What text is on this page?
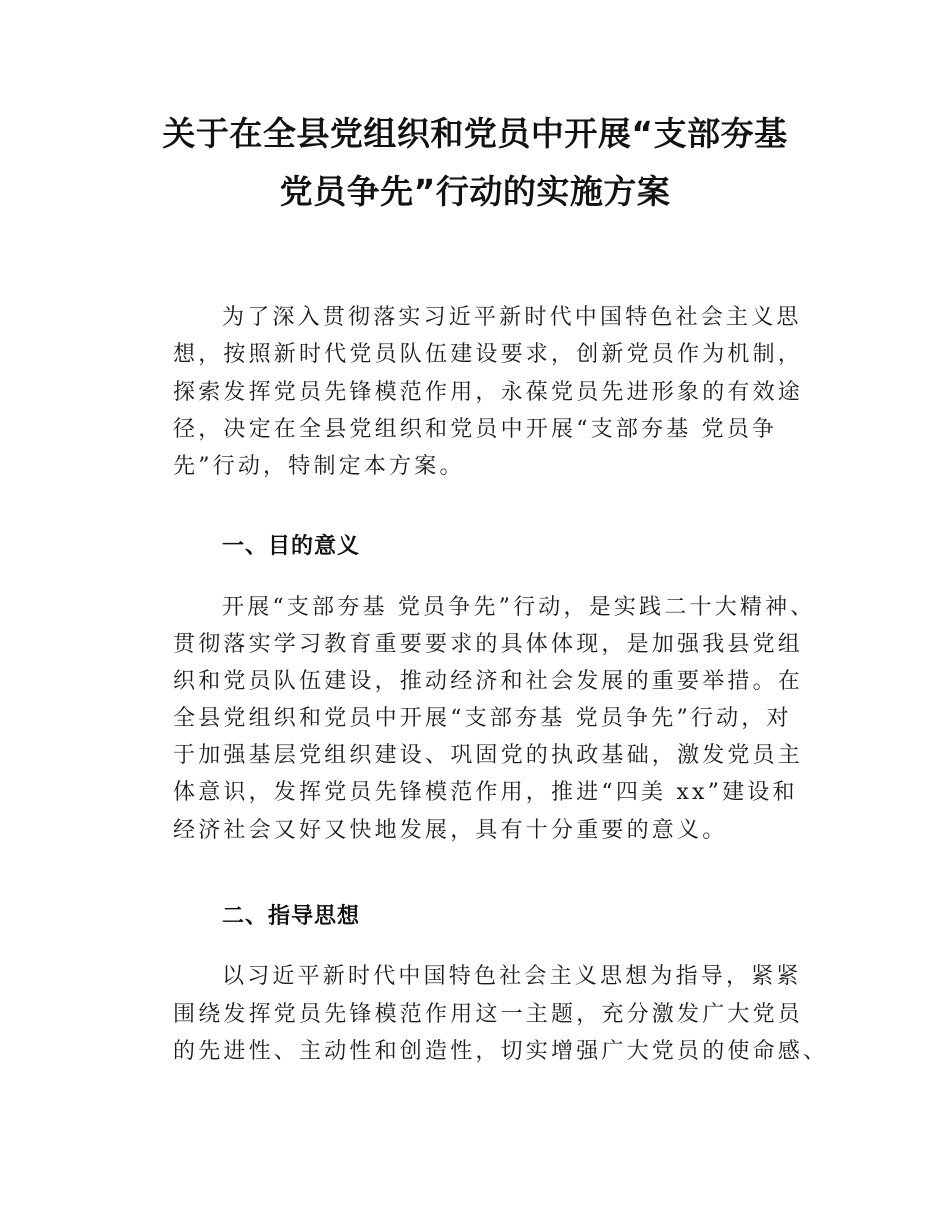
关于在全县党组织和党员中开展“支部夯基
党员争先”行动的实施方案
为了深入贯彻落实习近平新时代中国特色社会主义思
想，按照新时代党员队伍建设要求，创新党员作为机制，
探索发挥党员先锋模范作用，永葆党员先进形象的有效途
径，决定在全县党组织和党员中开展“支部夯基 党员争
先”行动，特制定本方案。
一、目的意义
开展“支部夯基 党员争先”行动，是实践二十大精神、
贯彻落实学习教育重要要求的具体体现，是加强我县党组
织和党员队伍建设，推动经济和社会发展的重要举措。在
全县党组织和党员中开展“支部夯基 党员争先”行动，对
于加强基层党组织建设、巩固党的执政基础，激发党员主
体意识，发挥党员先锋模范作用，推进“四美 xx”建设和
经济社会又好又快地发展，具有十分重要的意义。
二、指导思想
以习近平新时代中国特色社会主义思想为指导，紧紧
围绕发挥党员先锋模范作用这一主题，充分激发广大党员
的先进性、主动性和创造性，切实增强广大党员的使命感、
